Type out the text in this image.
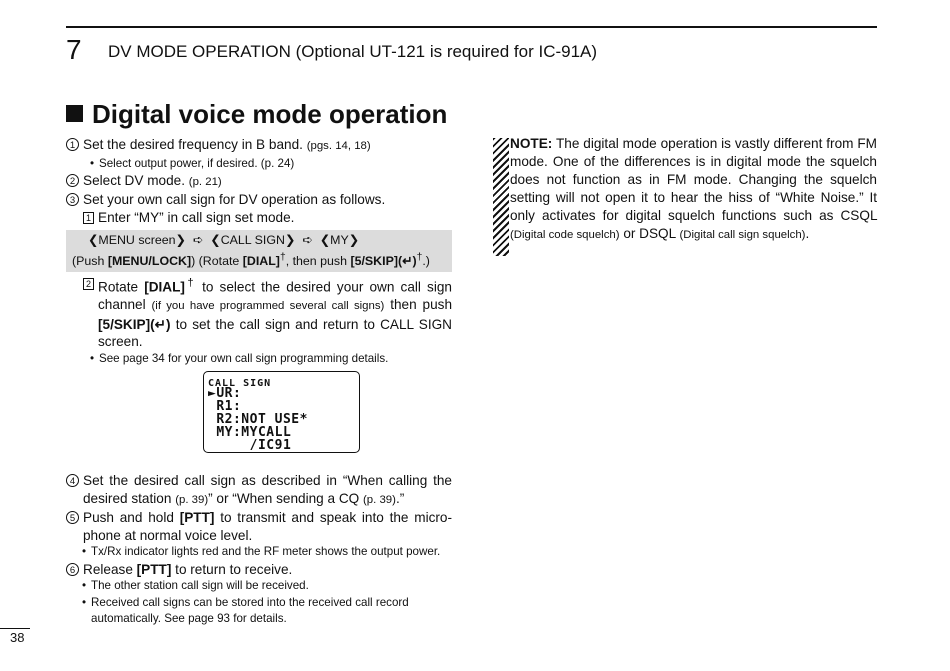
7 DV MODE OPERATION (Optional UT-121 is required for IC-91A)
Digital voice mode operation
1 Set the desired frequency in B band. (pgs. 14, 18)
• Select output power, if desired. (p. 24)
2 Select DV mode. (p. 21)
3 Set your own call sign for DV operation as follows.
1 Enter “MY” in call sign set mode.
❮MENU screen❯ ➪ ❮CALL SIGN❯ ➪ ❮MY❯
(Push [MENU/LOCK]) (Rotate [DIAL]†, then push [5/SKIP](↵)†.)
2 Rotate [DIAL]† to select the desired your own call sign channel (if you have programmed several call signs) then push [5/SKIP](↵) to set the call sign and return to CALL SIGN screen.
• See page 34 for your own call sign programming details.
CALL SIGN
►UR:
R1:
R2:NOT USE*
MY:MYCALL
/IC91
4 Set the desired call sign as described in “When calling the desired station (p. 39)” or “When sending a CQ (p. 39).”
5 Push and hold [PTT] to transmit and speak into the micro-phone at normal voice level.
• Tx/Rx indicator lights red and the RF meter shows the output power.
6 Release [PTT] to return to receive.
• The other station call sign will be received.
• Received call signs can be stored into the received call record automatically. See page 93 for details.
NOTE: The digital mode operation is vastly different from FM mode. One of the differences is in digital mode the squelch does not function as in FM mode. Changing the squelch setting will not open it to hear the hiss of “White Noise.” It only activates for digital squelch functions such as CSQL (Digital code squelch) or DSQL (Digital call sign squelch).
38
